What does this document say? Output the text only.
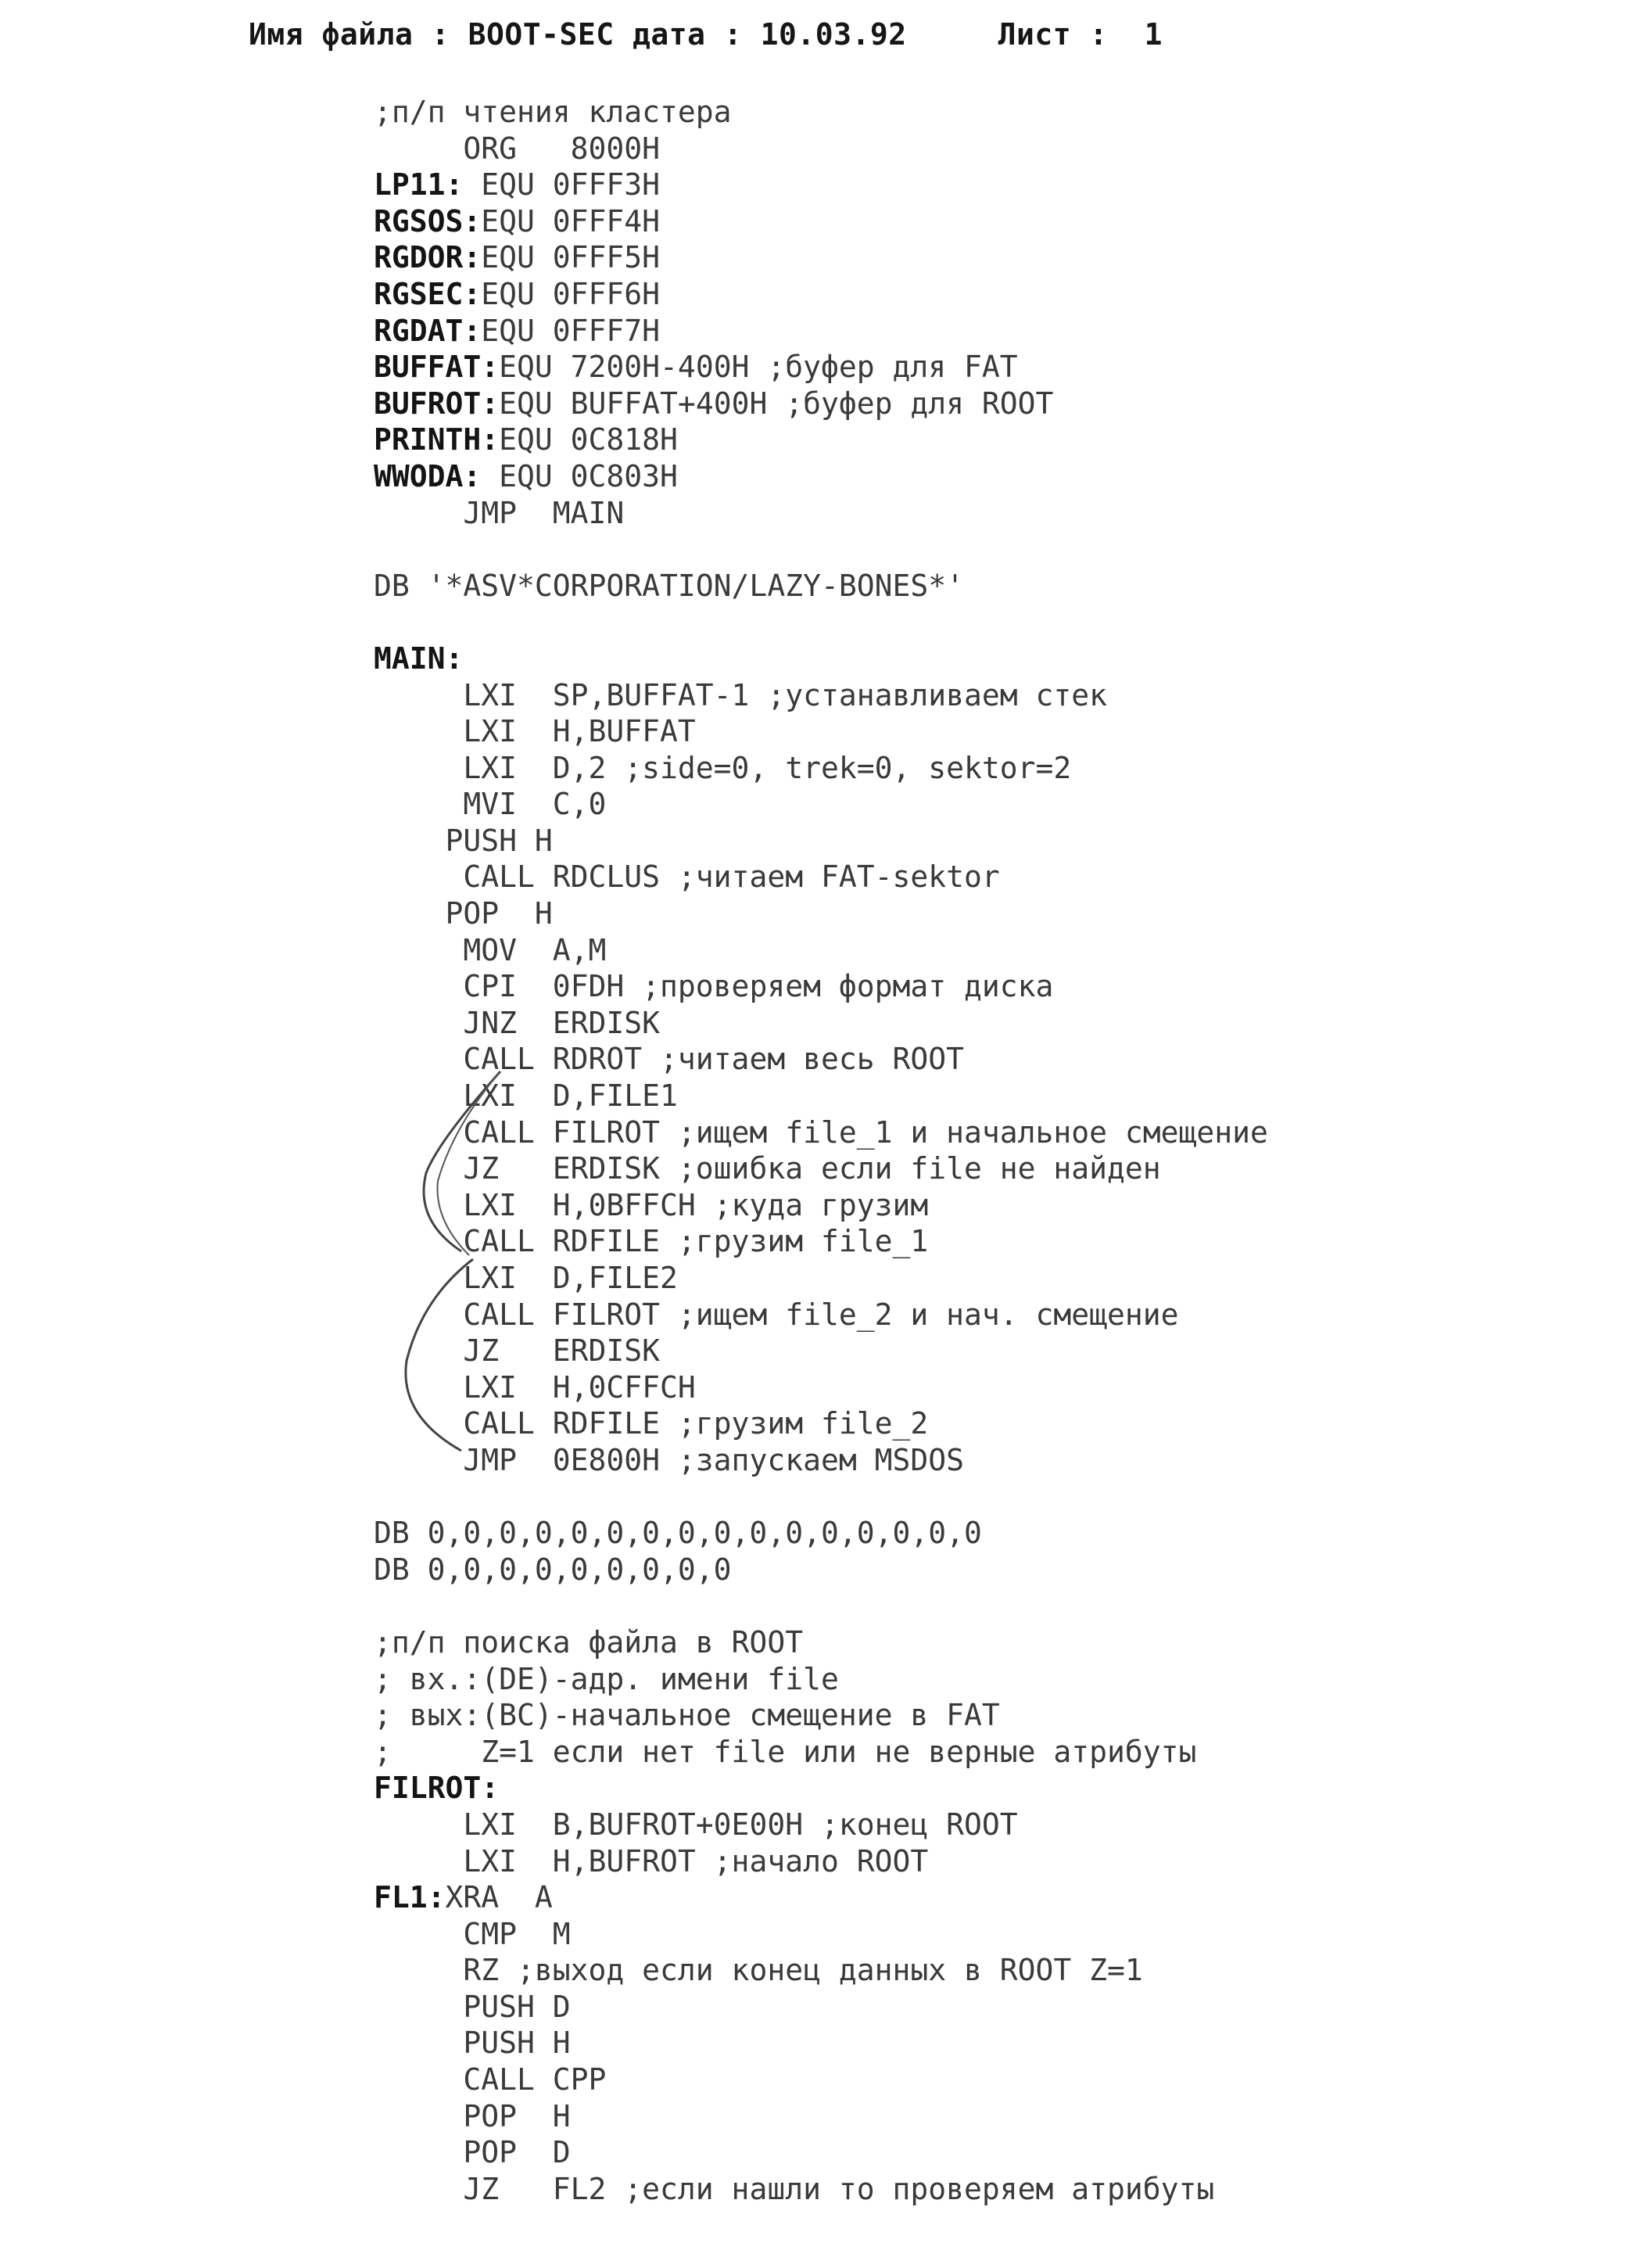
Имя файла : BOOT-SEC дата : 10.03.92	Лист : 1
;п/п чтения кластера
ORG   8000H
LP11: EQU 0FFF3H
RGSOS:EQU 0FFF4H
RGDOR:EQU 0FFF5H
RGSEC:EQU 0FFF6H
RGDAT:EQU 0FFF7H
BUFFAT:EQU 7200H-400H ;буфер для FAT
BUFROT:EQU BUFFAT+400H ;буфер для ROOT
PRINTH:EQU 0C818H
WWODA: EQU 0C803H
JMP  MAIN
DB '*ASV*CORPORATION/LAZY-BONES*'
MAIN:
LXI  SP,BUFFAT-1 ;устанавливаем стек
LXI  H,BUFFAT
LXI  D,2 ;side=0, trek=0, sektor=2
MVI  C,0
PUSH H
CALL RDCLUS ;читаем FAT-sektor
POP  H
MOV  A,M
CPI  0FDH ;проверяем формат диска
JNZ  ERDISK
CALL RDROT ;читаем весь ROOT
LXI  D,FILE1
CALL FILROT ;ищем file_1 и начальное смещение
JZ   ERDISK ;ошибка если file не найден
LXI  H,0BFFCH ;куда грузим
CALL RDFILE ;грузим file_1
LXI  D,FILE2
CALL FILROT ;ищем file_2 и нач. смещение
JZ   ERDISK
LXI  H,0CFFCH
CALL RDFILE ;грузим file_2
JMP  0E800H ;запускаем MSDOS
DB 0,0,0,0,0,0,0,0,0,0,0,0,0,0,0,0
DB 0,0,0,0,0,0,0,0,0
;п/п поиска файла в ROOT
; вх.:(DE)-адр. имени file
; вых:(BC)-начальное смещение в FAT
;     Z=1 если нет file или не верные атрибуты
FILROT:
LXI  B,BUFROT+0E00H ;конец ROOT
LXI  H,BUFROT ;начало ROOT
FL1:XRA  A
CMP  M
RZ ;выход если конец данных в ROOT Z=1
PUSH D
PUSH H
CALL CPP
POP  H
POP  D
JZ   FL2 ;если нашли то проверяем атрибуты
